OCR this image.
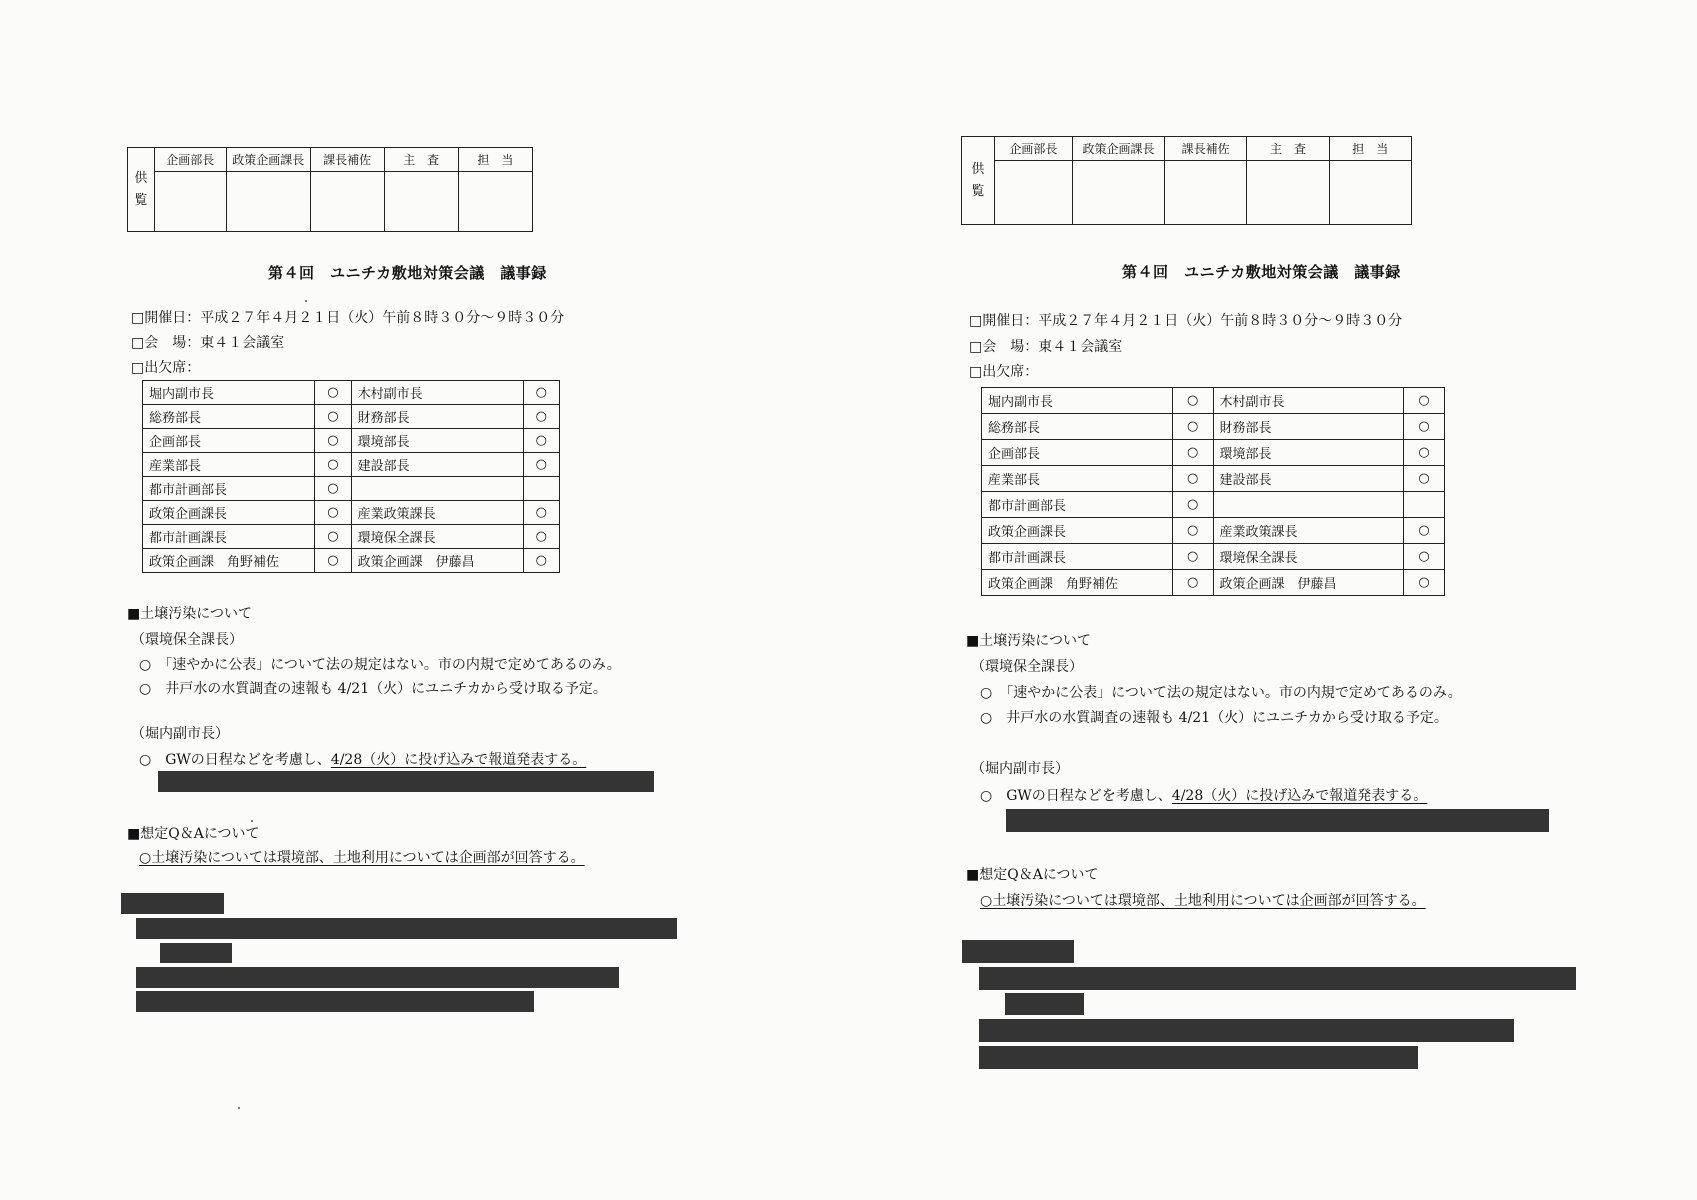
供
覧	企画部長	政策企画課長	課長補佐	主　査	担　当

第４回　ユニチカ敷地対策会議　議事録
□開催日：平成２７年４月２１日（火）午前８時３０分～９時３０分
□会　場：東４１会議室
□出欠席：
堀内副市長	○	木村副市長	○
総務部長	○	財務部長	○
企画部長	○	環境部長	○
産業部長	○	建設部長	○
都市計画部長	○		
政策企画課長	○	産業政策課長	○
都市計画課長	○	環境保全課長	○
政策企画課　角野補佐	○	政策企画課　伊藤昌	○
■土壌汚染について
（環境保全課長）
○　「速やかに公表」について法の規定はない。市の内規で定めてあるのみ。
○　井戸水の水質調査の速報も 4/21（火）にユニチカから受け取る予定。
（堀内副市長）
○　GWの日程などを考慮し、4/28（火）に投げ込みで報道発表する。
■想定Q＆Aについて
○土壌汚染については環境部、土地利用については企画部が回答する。
供
覧	企画部長	政策企画課長	課長補佐	主　査	担　当

第４回　ユニチカ敷地対策会議　議事録
□開催日：平成２７年４月２１日（火）午前８時３０分～９時３０分
□会　場：東４１会議室
□出欠席：
堀内副市長	○	木村副市長	○
総務部長	○	財務部長	○
企画部長	○	環境部長	○
産業部長	○	建設部長	○
都市計画部長	○		
政策企画課長	○	産業政策課長	○
都市計画課長	○	環境保全課長	○
政策企画課　角野補佐	○	政策企画課　伊藤昌	○
■土壌汚染について
（環境保全課長）
○　「速やかに公表」について法の規定はない。市の内規で定めてあるのみ。
○　井戸水の水質調査の速報も 4/21（火）にユニチカから受け取る予定。
（堀内副市長）
○　GWの日程などを考慮し、4/28（火）に投げ込みで報道発表する。
■想定Q＆Aについて
○土壌汚染については環境部、土地利用については企画部が回答する。
